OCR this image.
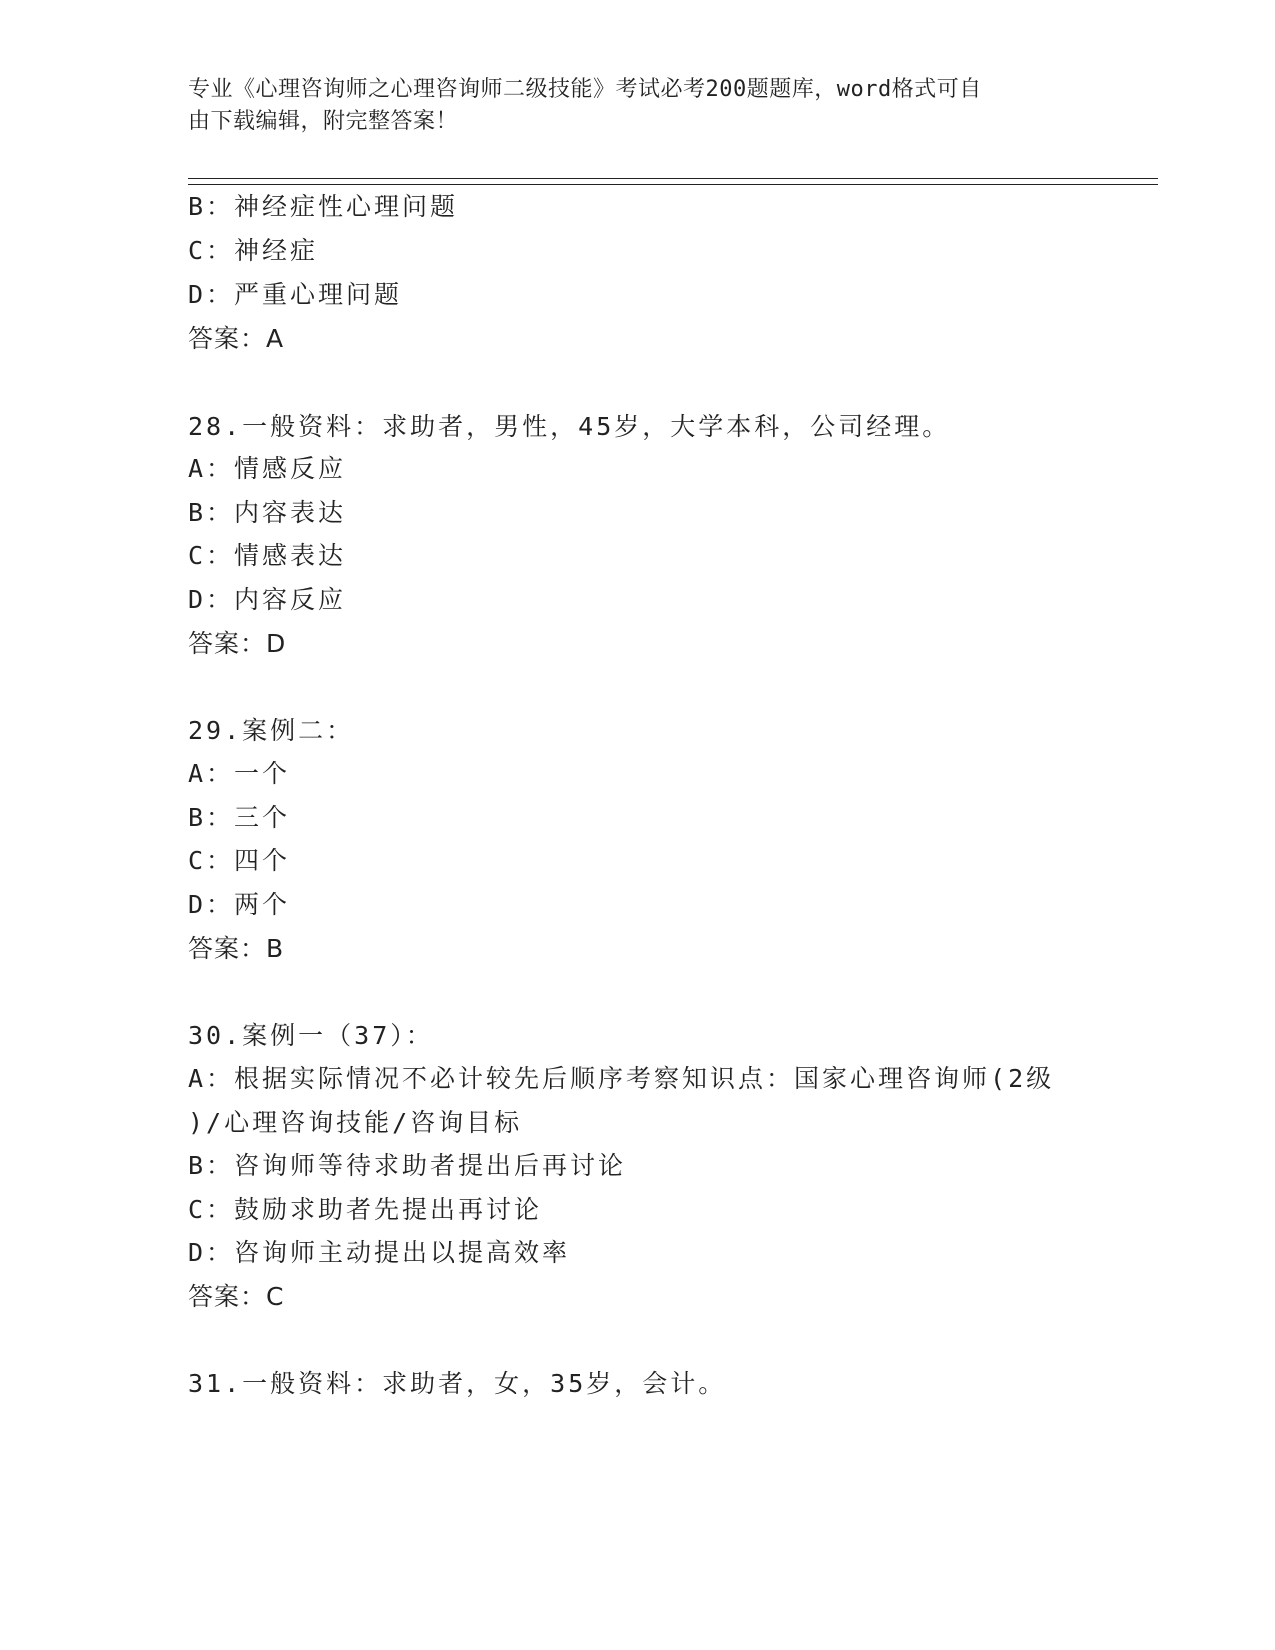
专业《心理咨询师之心理咨询师二级技能》考试必考200题题库，word格式可自
由下载编辑，附完整答案！
B：神经症性心理问题
C：神经症
D：严重心理问题
答案：A
28.一般资料：求助者，男性，45岁，大学本科，公司经理。
A：情感反应
B：内容表达
C：情感表达
D：内容反应
答案：D
29.案例二：
A：一个
B：三个
C：四个
D：两个
答案：B
30.案例一（37）：
A：根据实际情况不必计较先后顺序考察知识点：国家心理咨询师(2级
)/心理咨询技能/咨询目标
B：咨询师等待求助者提出后再讨论
C：鼓励求助者先提出再讨论
D：咨询师主动提出以提高效率
答案：C
31.一般资料：求助者，女，35岁，会计。
